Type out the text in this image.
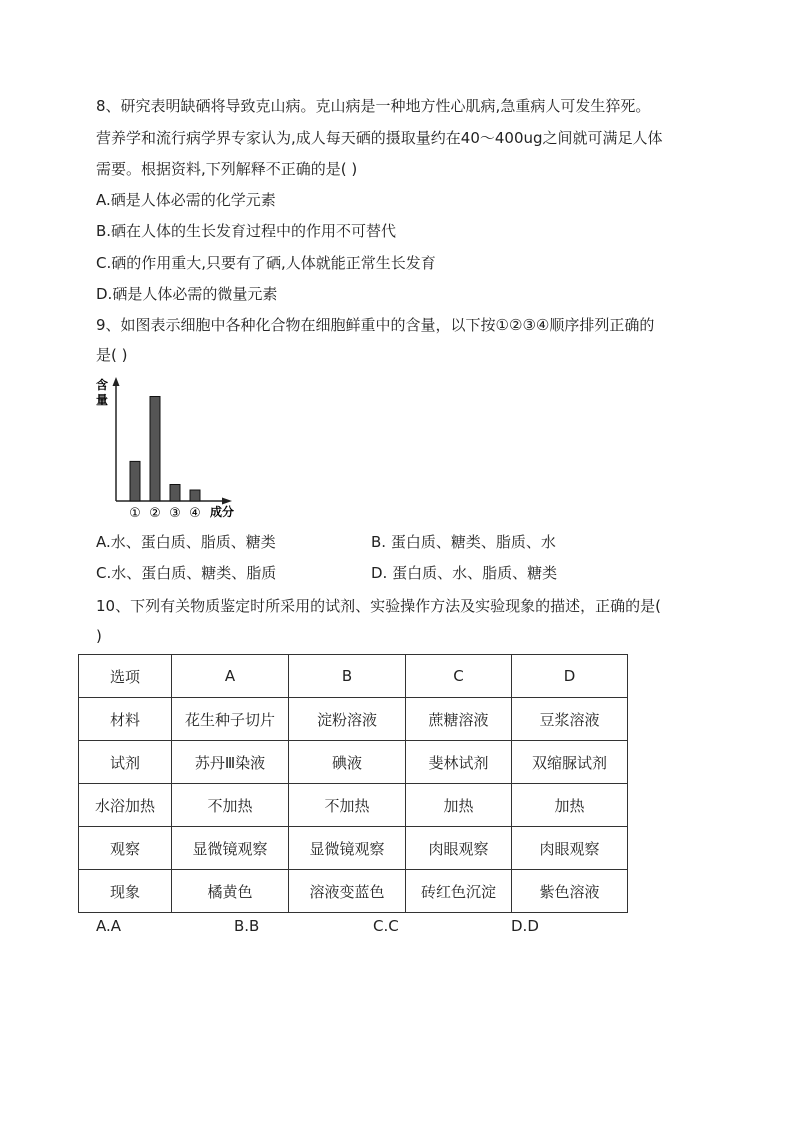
8、研究表明缺硒将导致克山病。克山病是一种地方性心肌病,急重病人可发生猝死。
营养学和流行病学界专家认为,成人每天硒的摄取量约在40～400ug之间就可满足人体
需要。根据资料,下列解释不正确的是( )
A.硒是人体必需的化学元素
B.硒在人体的生长发育过程中的作用不可替代
C.硒的作用重大,只要有了硒,人体就能正常生长发育
D.硒是人体必需的微量元素
9、如图表示细胞中各种化合物在细胞鲜重中的含量，以下按①②③④顺序排列正确的
是( )
含
量
成分
① ② ③ ④
A.水、蛋白质、脂质、糖类	B. 蛋白质、糖类、脂质、水
C.水、蛋白质、糖类、脂质	D. 蛋白质、水、脂质、糖类
10、下列有关物质鉴定时所采用的试剂、实验操作方法及实验现象的描述，正确的是(
)
选项	A	B	C	D
材料	花生种子切片	淀粉溶液	蔗糖溶液	豆浆溶液
试剂	苏丹Ⅲ染液	碘液	斐林试剂	双缩脲试剂
水浴加热	不加热	不加热	加热	加热
观察	显微镜观察	显微镜观察	肉眼观察	肉眼观察
现象	橘黄色	溶液变蓝色	砖红色沉淀	紫色溶液
A.A	B.B	C.C	D.D
